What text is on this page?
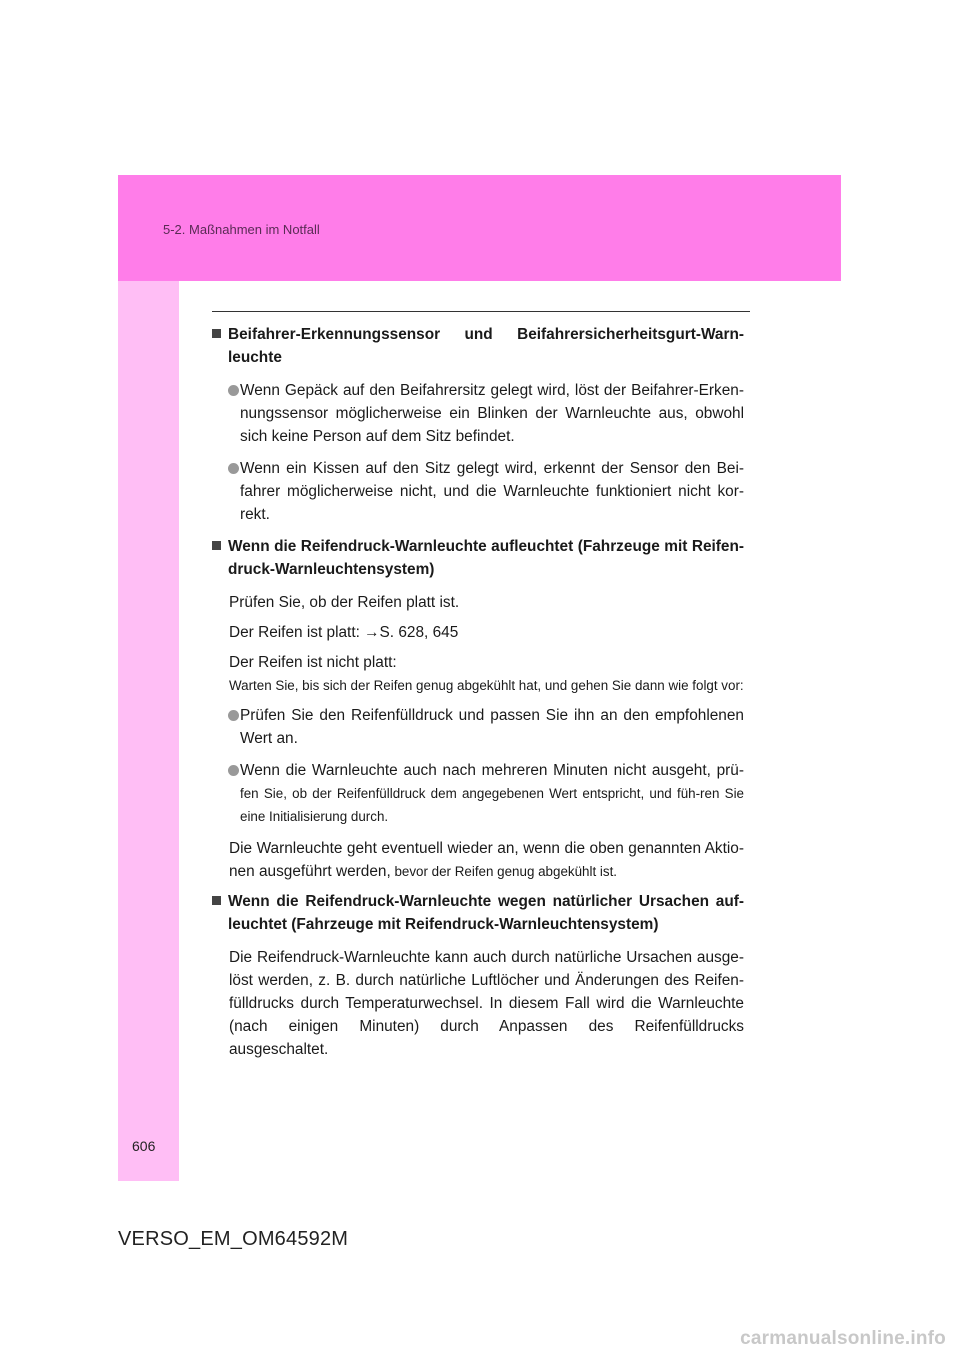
5-2. Maßnahmen im Notfall

Beifahrer-Erkennungssensor und Beifahrersicherheitsgurt-Warn-leuchte

Wenn Gepäck auf den Beifahrersitz gelegt wird, löst der Beifahrer-Erken-nungssensor möglicherweise ein Blinken der Warnleuchte aus, obwohl sich keine Person auf dem Sitz befindet.

Wenn ein Kissen auf den Sitz gelegt wird, erkennt der Sensor den Bei-fahrer möglicherweise nicht, und die Warnleuchte funktioniert nicht kor-rekt.

Wenn die Reifendruck-Warnleuchte aufleuchtet (Fahrzeuge mit Reifen-druck-Warnleuchtensystem)

Prüfen Sie, ob der Reifen platt ist.

Der Reifen ist platt: →S. 628, 645

Der Reifen ist nicht platt:

Warten Sie, bis sich der Reifen genug abgekühlt hat, und gehen Sie dann wie folgt vor:

Prüfen Sie den Reifenfülldruck und passen Sie ihn an den empfohlenen Wert an.

Wenn die Warnleuchte auch nach mehreren Minuten nicht ausgeht, prü- fen Sie, ob der Reifenfülldruck dem angegebenen Wert entspricht, und füh-ren Sie eine Initialisierung durch.

Die Warnleuchte geht eventuell wieder an, wenn die oben genannten Aktio-nen ausgeführt werden, bevor der Reifen genug abgekühlt ist.

Wenn die Reifendruck-Warnleuchte wegen natürlicher Ursachen auf-leuchtet (Fahrzeuge mit Reifendruck-Warnleuchtensystem)

Die Reifendruck-Warnleuchte kann auch durch natürliche Ursachen ausge-löst werden, z. B. durch natürliche Luftlöcher und Änderungen des Reifen-fülldrucks durch Temperaturwechsel. In diesem Fall wird die Warnleuchte (nach einigen Minuten) durch Anpassen des Reifenfülldrucks ausgeschaltet.

606
VERSO_EM_OM64592M
carmanualsonline.info
